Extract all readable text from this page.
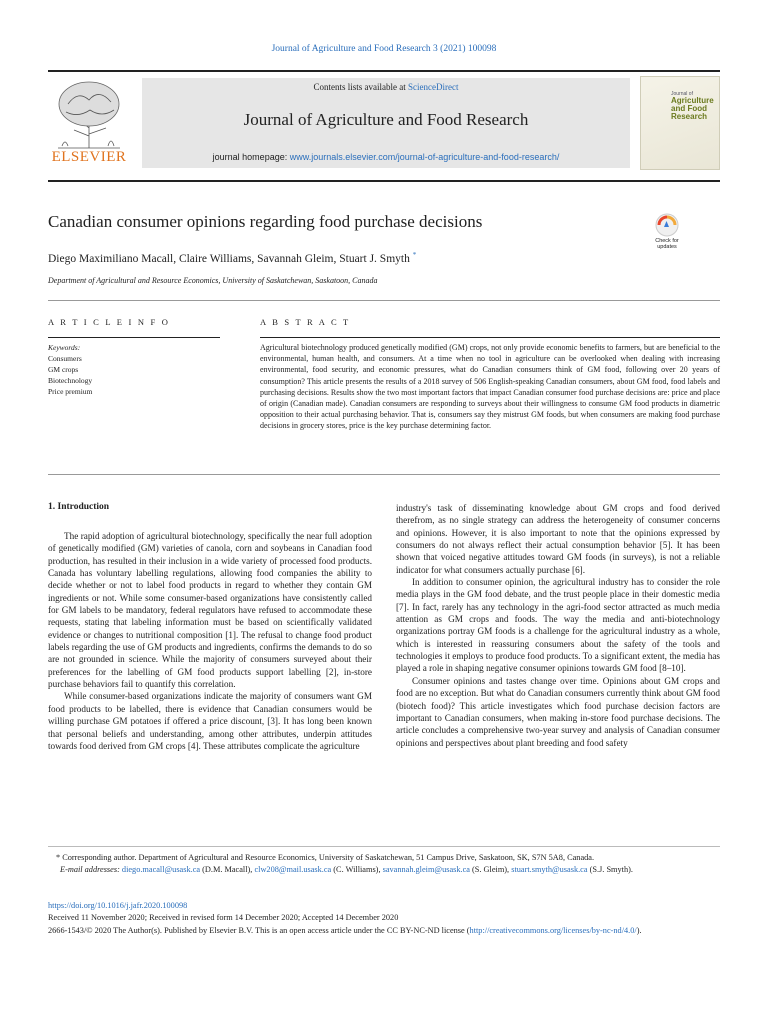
Journal of Agriculture and Food Research 3 (2021) 100098
ELSEVIER
Contents lists available at ScienceDirect
Journal of Agriculture and Food Research
journal homepage: www.journals.elsevier.com/journal-of-agriculture-and-food-research/
Journal of
Agriculture
and Food
Research
Canadian consumer opinions regarding food purchase decisions
Check for
updates
Diego Maximiliano Macall, Claire Williams, Savannah Gleim, Stuart J. Smyth *
Department of Agricultural and Resource Economics, University of Saskatchewan, Saskatoon, Canada
A R T I C L E I N F O	A B S T R A C T
Keywords:
Consumers
GM crops
Biotechnology
Price premium
Agricultural biotechnology produced genetically modified (GM) crops, not only provide economic benefits to farmers, but are beneficial to the environmental, human health, and consumers. At a time when no tool in agriculture can be overlooked when dealing with increasing environmental, food security, and economic pressures, what do Canadian consumers think of GM food, following over 20 years of consumption? This article presents the results of a 2018 survey of 506 English-speaking Canadian consumers, about GM food, food labels and purchasing decisions. Results show the two most important factors that impact Canadian consumer food purchase decisions are: price and place of origin (Canadian made). Canadian consumers are responding to surveys about their willingness to consume GM food products in diametric opposition to their actual purchasing behavior. That is, consumers say they mistrust GM foods, but when consumers are making food purchase decisions in grocery stores, price is the key purchase determining factor.
1. Introduction

The rapid adoption of agricultural biotechnology, specifically the near full adoption of genetically modified (GM) varieties of canola, corn and soybeans in Canadian food production, has resulted in their inclusion in a wide variety of processed food products. Canada has voluntary labelling regulations, allowing food companies the ability to decide whether or not to label food products in regard to whether they contain GM ingredients or not. While some consumer-based organizations have consistently called for GM labels to be mandatory, federal regulators have refused to accommodate these requests, stating that labeling information must be based on scientifically validated evidence or changes to nutritional composition [1]. The refusal to change food product labels regarding the use of GM products and ingredients, confirms the demands to do so are not grounded in science. While the majority of consumers surveyed about their preferences for the labelling of GM food products support labelling [2], in-store purchase behaviors fail to quantify this correlation.

While consumer-based organizations indicate the majority of consumers want GM food products to be labelled, there is evidence that Canadian consumers would be willing purchase GM potatoes if offered a price discount, [3]. It has long been known that personal beliefs and understanding, among other attributes, underpin attitudes towards food derived from GM crops [4]. These attributes complicate the agriculture

industry's task of disseminating knowledge about GM crops and food derived therefrom, as no single strategy can address the heterogeneity of consumer concerns and opinions. However, it is also important to note that the opinions expressed by consumers do not always reflect their actual consumption behavior [5]. It has been shown that voiced negative attitudes toward GM foods (in surveys), is not a reliable indicator for what consumers actually purchase [6].

In addition to consumer opinion, the agricultural industry has to consider the role media plays in the GM food debate, and the trust people place in their domestic media [7]. In fact, rarely has any technology in the agri-food sector attracted as much media attention as GM crops and foods. The way the media and anti-biotechnology organizations portray GM foods is a challenge for the agricultural industry as a whole, which is interested in reassuring consumers about the safety of the tools and technologies it employs to produce food products. To a significant extent, the media has played a role in shaping negative consumer opinions towards GM food [8–10].

Consumer opinions and tastes change over time. Opinions about GM crops and food are no exception. But what do Canadian consumers currently think about GM food (biotech food)? This article investigates which food purchase decision factors are important to Canadian consumers, when making in-store food purchase decisions. The article concludes a comprehensive two-year survey and analysis of Canadian consumer opinions and perspectives about plant breeding and food safety

* Corresponding author. Department of Agricultural and Resource Economics, University of Saskatchewan, 51 Campus Drive, Saskatoon, SK, S7N 5A8, Canada.
E-mail addresses: diego.macall@usask.ca (D.M. Macall), clw208@mail.usask.ca (C. Williams), savannah.gleim@usask.ca (S. Gleim), stuart.smyth@usask.ca (S.J. Smyth).
https://doi.org/10.1016/j.jafr.2020.100098
Received 11 November 2020; Received in revised form 14 December 2020; Accepted 14 December 2020
2666-1543/© 2020 The Author(s). Published by Elsevier B.V. This is an open access article under the CC BY-NC-ND license (http://creativecommons.org/licenses/by-nc-nd/4.0/).
